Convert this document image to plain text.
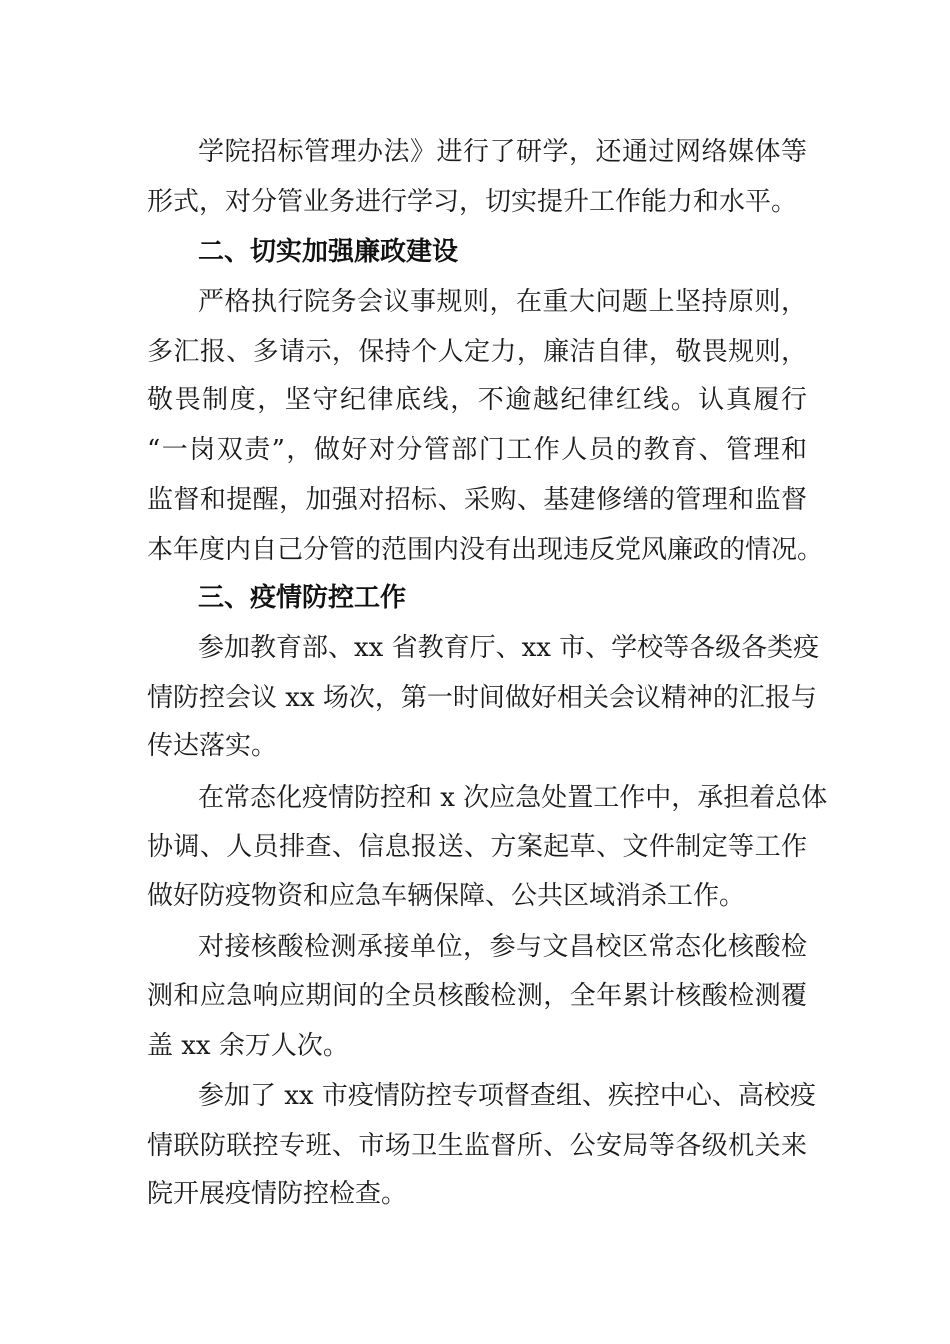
学院招标管理办法》进行了研学，还通过网络媒体等
形式，对分管业务进行学习，切实提升工作能力和水平。
二、切实加强廉政建设
严格执行院务会议事规则，在重大问题上坚持原则，
多汇报、多请示，保持个人定力，廉洁自律，敬畏规则，
敬畏制度，坚守纪律底线，不逾越纪律红线。认真履行
“一岗双责”，做好对分管部门工作人员的教育、管理和
监督和提醒，加强对招标、采购、基建修缮的管理和监督
本年度内自己分管的范围内没有出现违反党风廉政的情况。
三、疫情防控工作
参加教育部、xx 省教育厅、xx 市、学校等各级各类疫
情防控会议 xx 场次，第一时间做好相关会议精神的汇报与
传达落实。
在常态化疫情防控和 x 次应急处置工作中，承担着总体
协调、人员排查、信息报送、方案起草、文件制定等工作
做好防疫物资和应急车辆保障、公共区域消杀工作。
对接核酸检测承接单位，参与文昌校区常态化核酸检
测和应急响应期间的全员核酸检测，全年累计核酸检测覆
盖 xx 余万人次。
参加了 xx 市疫情防控专项督查组、疾控中心、高校疫
情联防联控专班、市场卫生监督所、公安局等各级机关来
院开展疫情防控检查。
